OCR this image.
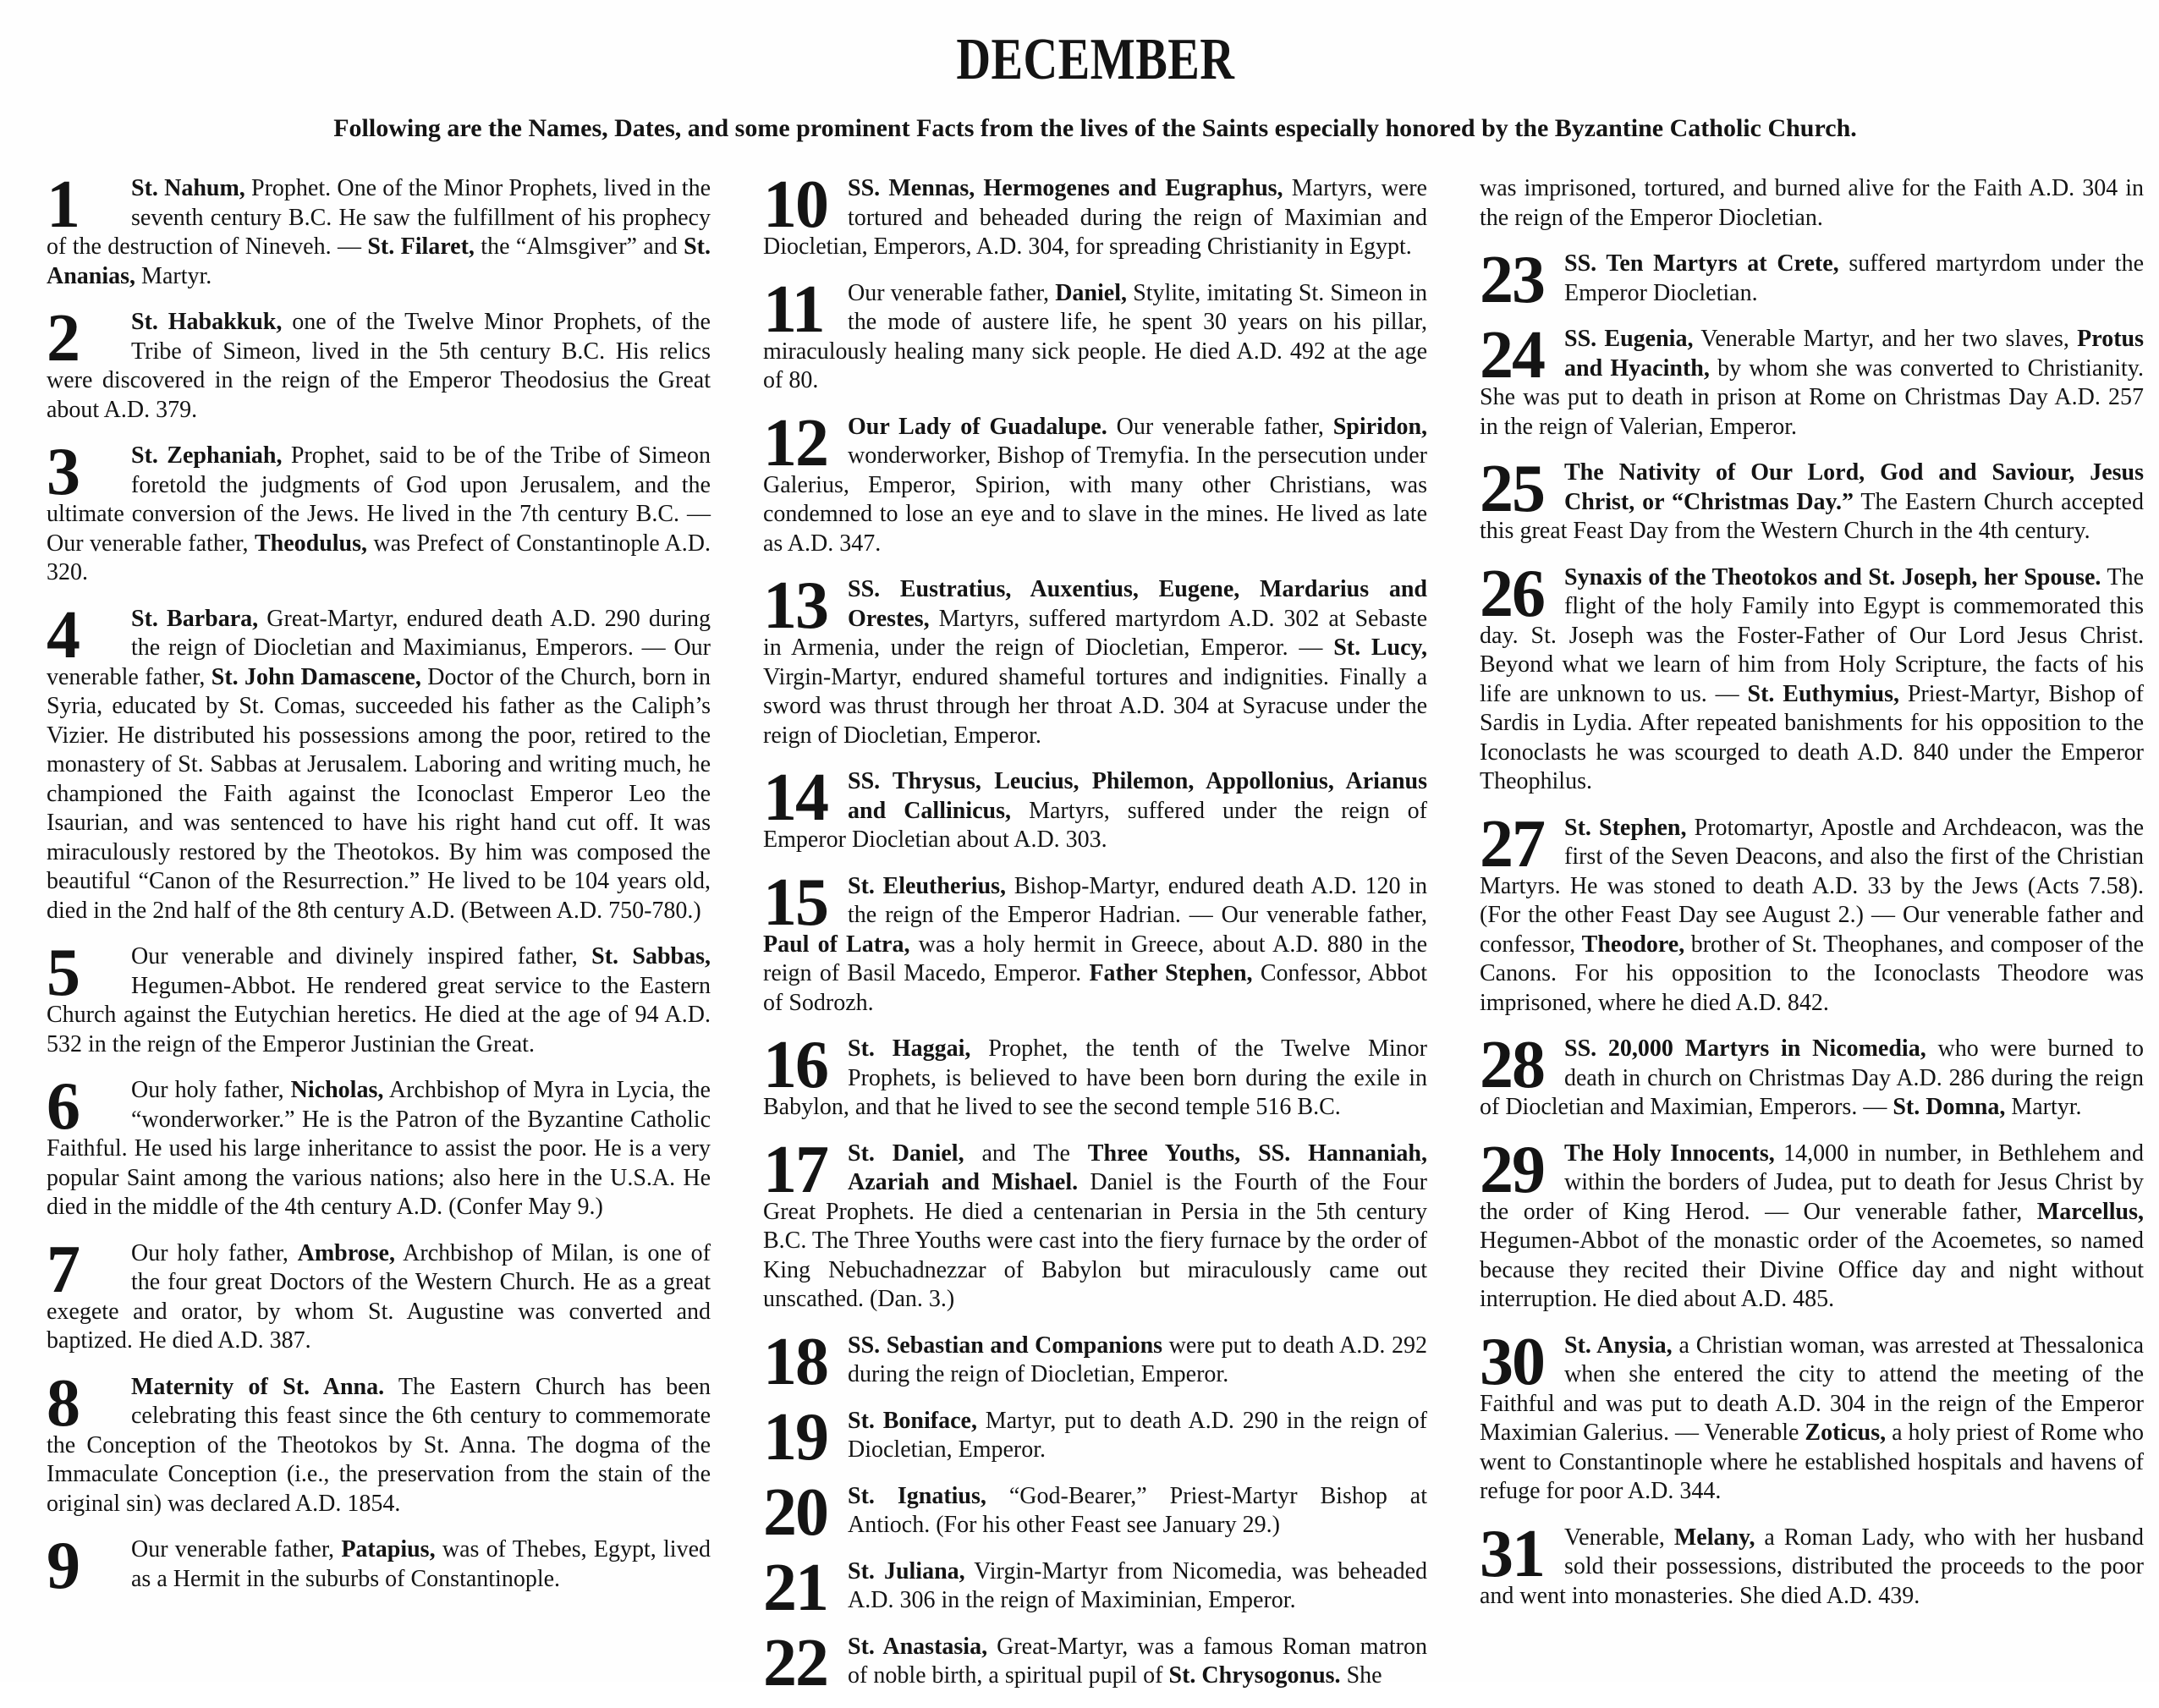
DECEMBER

Following are the Names, Dates, and some prominent Facts from the lives of the Saints especially honored by the Byzantine Catholic Church.

1	St. Nahum, Prophet. One of the Minor Prophets, lived in the seventh century B.C. He saw the fulfillment of his prophecy of the destruction of Nineveh. — St. Filaret, the “Almsgiver” and St. Ananias, Martyr.

2	St. Habakkuk, one of the Twelve Minor Prophets, of the Tribe of Simeon, lived in the 5th century B.C. His relics were discovered in the reign of the Emperor Theodosius the Great about A.D. 379.

3	St. Zephaniah, Prophet, said to be of the Tribe of Simeon foretold the judgments of God upon Jerusalem, and the ultimate conversion of the Jews. He lived in the 7th century B.C. — Our venerable father, Theodulus, was Prefect of Constantinople A.D. 320.

4	St. Barbara, Great-Martyr, endured death A.D. 290 during the reign of Diocletian and Maximianus, Emperors. — Our venerable father, St. John Damascene, Doctor of the Church, born in Syria, educated by St. Comas, succeeded his father as the Caliph’s Vizier. He distributed his possessions among the poor, retired to the monastery of St. Sabbas at Jerusalem. Laboring and writing much, he championed the Faith against the Iconoclast Emperor Leo the Isaurian, and was sentenced to have his right hand cut off. It was miraculously restored by the Theotokos. By him was composed the beautiful “Canon of the Resurrection.” He lived to be 104 years old, died in the 2nd half of the 8th century A.D. (Between A.D. 750-780.)

5	Our venerable and divinely inspired father, St. Sabbas, Hegumen-Abbot. He rendered great service to the Eastern Church against the Eutychian heretics. He died at the age of 94 A.D. 532 in the reign of the Emperor Justinian the Great.

6	Our holy father, Nicholas, Archbishop of Myra in Lycia, the “wonderworker.” He is the Patron of the Byzantine Catholic Faithful. He used his large inheritance to assist the poor. He is a very popular Saint among the various nations; also here in the U.S.A. He died in the middle of the 4th century A.D. (Confer May 9.)

7	Our holy father, Ambrose, Archbishop of Milan, is one of the four great Doctors of the Western Church. He as a great exegete and orator, by whom St. Augustine was converted and baptized. He died A.D. 387.

8	Maternity of St. Anna. The Eastern Church has been celebrating this feast since the 6th century to commemorate the Conception of the Theotokos by St. Anna. The dogma of the Immaculate Conception (i.e., the preservation from the stain of the original sin) was declared A.D. 1854.

9	Our venerable father, Patapius, was of Thebes, Egypt, lived as a Hermit in the suburbs of Constantinople.

10 SS. Mennas, Hermogenes and Eugraphus, Martyrs, were tortured and beheaded during the reign of Maximian and Diocletian, Emperors, A.D. 304, for spreading Christianity in Egypt.

11	Our venerable father, Daniel, Stylite, imitating St. Simeon in the mode of austere life, he spent 30 years on his pillar, miraculously healing many sick people. He died A.D. 492 at the age of 80.

12 Our Lady of Guadalupe. Our venerable father, Spiridon, wonderworker, Bishop of Tremyfia. In the persecution under Galerius, Emperor, Spirion, with many other Christians, was condemned to lose an eye and to slave in the mines. He lived as late as A.D. 347.

13 SS. Eustratius, Auxentius, Eugene, Mardarius and Orestes, Martyrs, suffered martyrdom A.D. 302 at Sebaste in Armenia, under the reign of Diocletian, Emperor. — St. Lucy, Virgin-Martyr, endured shameful tortures and indignities. Finally a sword was thrust through her throat A.D. 304 at Syracuse under the reign of Diocletian, Emperor.

14 SS. Thrysus, Leucius, Philemon, Appollonius, Arianus and Callinicus, Martyrs, suffered under the reign of Emperor Diocletian about A.D. 303.

15 St. Eleutherius, Bishop-Martyr, endured death A.D. 120 in the reign of the Emperor Hadrian. — Our venerable father, Paul of Latra, was a holy hermit in Greece, about A.D. 880 in the reign of Basil Macedo, Emperor. Father Stephen, Confessor, Abbot of Sodrozh.

16 St. Haggai, Prophet, the tenth of the Twelve Minor Prophets, is believed to have been born during the exile in Babylon, and that he lived to see the second temple 516 B.C.

17 St. Daniel, and The Three Youths, SS. Hannaniah, Azariah and Mishael. Daniel is the Fourth of the Four Great Prophets. He died a centenarian in Persia in the 5th century B.C. The Three Youths were cast into the fiery furnace by the order of King Nebuchadnezzar of Babylon but miraculously came out unscathed. (Dan. 3.)

18 SS. Sebastian and Companions were put to death A.D. 292 during the reign of Diocletian, Emperor.

19 St. Boniface, Martyr, put to death A.D. 290 in the reign of Diocletian, Emperor.

20 St. Ignatius, “God-Bearer,” Priest-Martyr Bishop at Antioch. (For his other Feast see January 29.)

21 St. Juliana, Virgin-Martyr from Nicomedia, was beheaded A.D. 306 in the reign of Maximinian, Emperor.

22 St. Anastasia, Great-Martyr, was a famous Roman matron of noble birth, a spiritual pupil of St. Chrysogonus. She

was imprisoned, tortured, and burned alive for the Faith A.D. 304 in the reign of the Emperor Diocletian.

23 SS. Ten Martyrs at Crete, suffered martyrdom under the Emperor Diocletian.

24 SS. Eugenia, Venerable Martyr, and her two slaves, Protus and Hyacinth, by whom she was converted to Christianity. She was put to death in prison at Rome on Christmas Day A.D. 257 in the reign of Valerian, Emperor.

25 The Nativity of Our Lord, God and Saviour, Jesus Christ, or “Christmas Day.” The Eastern Church accepted this great Feast Day from the Western Church in the 4th century.

26 Synaxis of the Theotokos and St. Joseph, her Spouse. The flight of the holy Family into Egypt is commemorated this day. St. Joseph was the Foster-Father of Our Lord Jesus Christ. Beyond what we learn of him from Holy Scripture, the facts of his life are unknown to us. — St. Euthymius, Priest-Martyr, Bishop of Sardis in Lydia. After repeated banishments for his opposition to the Iconoclasts he was scourged to death A.D. 840 under the Emperor Theophilus.

27 St. Stephen, Protomartyr, Apostle and Archdeacon, was the first of the Seven Deacons, and also the first of the Christian Martyrs. He was stoned to death A.D. 33 by the Jews (Acts 7.58). (For the other Feast Day see August 2.) — Our venerable father and confessor, Theodore, brother of St. Theophanes, and composer of the Canons. For his opposition to the Iconoclasts Theodore was imprisoned, where he died A.D. 842.

28 SS. 20,000 Martyrs in Nicomedia, who were burned to death in church on Christmas Day A.D. 286 during the reign of Diocletian and Maximian, Emperors. — St. Domna, Martyr.

29 The Holy Innocents, 14,000 in number, in Bethlehem and within the borders of Judea, put to death for Jesus Christ by the order of King Herod. — Our venerable father, Marcellus, Hegumen-Abbot of the monastic order of the Acoemetes, so named because they recited their Divine Office day and night without interruption. He died about A.D. 485.

30 St. Anysia, a Christian woman, was arrested at Thessalonica when she entered the city to attend the meeting of the Faithful and was put to death A.D. 304 in the reign of the Emperor Maximian Galerius. — Venerable Zoticus, a holy priest of Rome who went to Constantinople where he established hospitals and havens of refuge for poor A.D. 344.

31 Venerable, Melany, a Roman Lady, who with her husband sold their possessions, distributed the proceeds to the poor and went into monasteries. She died A.D. 439.
